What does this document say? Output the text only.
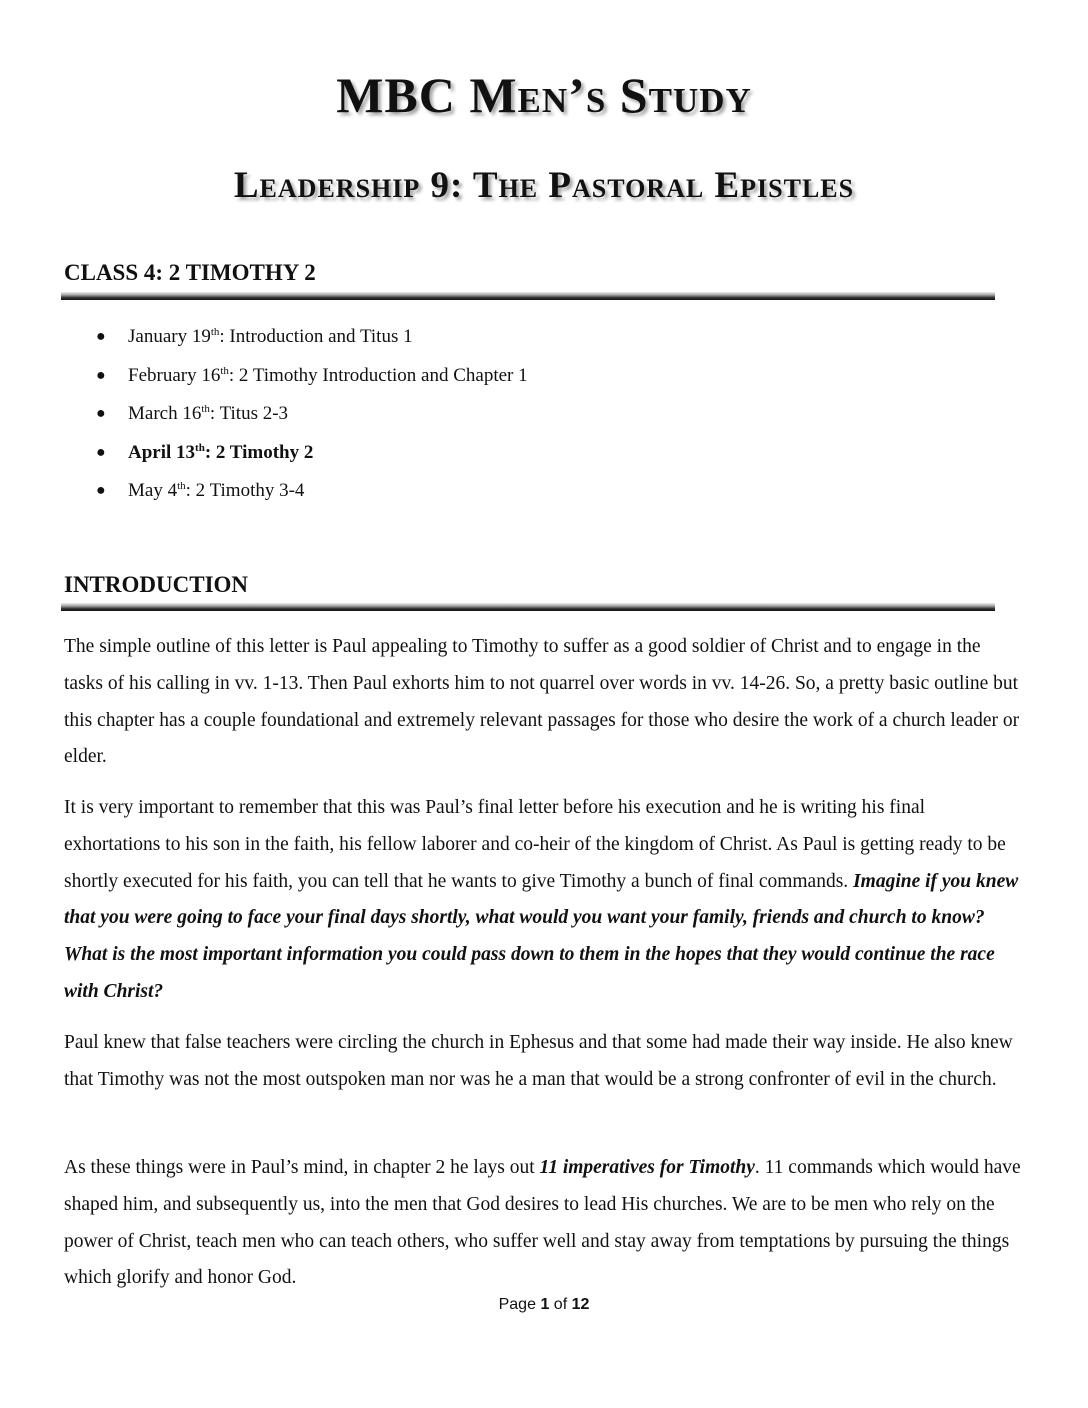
MBC Men’s Study
Leadership 9: The Pastoral Epistles
CLASS 4: 2 TIMOTHY 2
● January 19th: Introduction and Titus 1
● February 16th: 2 Timothy Introduction and Chapter 1
● March 16th: Titus 2-3
● April 13th: 2 Timothy 2
● May 4th: 2 Timothy 3-4
INTRODUCTION

The simple outline of this letter is Paul appealing to Timothy to suffer as a good soldier of Christ and to engage in the tasks of his calling in vv. 1-13. Then Paul exhorts him to not quarrel over words in vv. 14-26. So, a pretty basic outline but this chapter has a couple foundational and extremely relevant passages for those who desire the work of a church leader or elder.

It is very important to remember that this was Paul’s final letter before his execution and he is writing his final exhortations to his son in the faith, his fellow laborer and co-heir of the kingdom of Christ. As Paul is getting ready to be shortly executed for his faith, you can tell that he wants to give Timothy a bunch of final commands. Imagine if you knew that you were going to face your final days shortly, what would you want your family, friends and church to know? What is the most important information you could pass down to them in the hopes that they would continue the race with Christ?

Paul knew that false teachers were circling the church in Ephesus and that some had made their way inside. He also knew that Timothy was not the most outspoken man nor was he a man that would be a strong confronter of evil in the church.

As these things were in Paul’s mind, in chapter 2 he lays out 11 imperatives for Timothy. 11 commands which would have shaped him, and subsequently us, into the men that God desires to lead His churches. We are to be men who rely on the power of Christ, teach men who can teach others, who suffer well and stay away from temptations by pursuing the things which glorify and honor God.

Page 1 of 12
